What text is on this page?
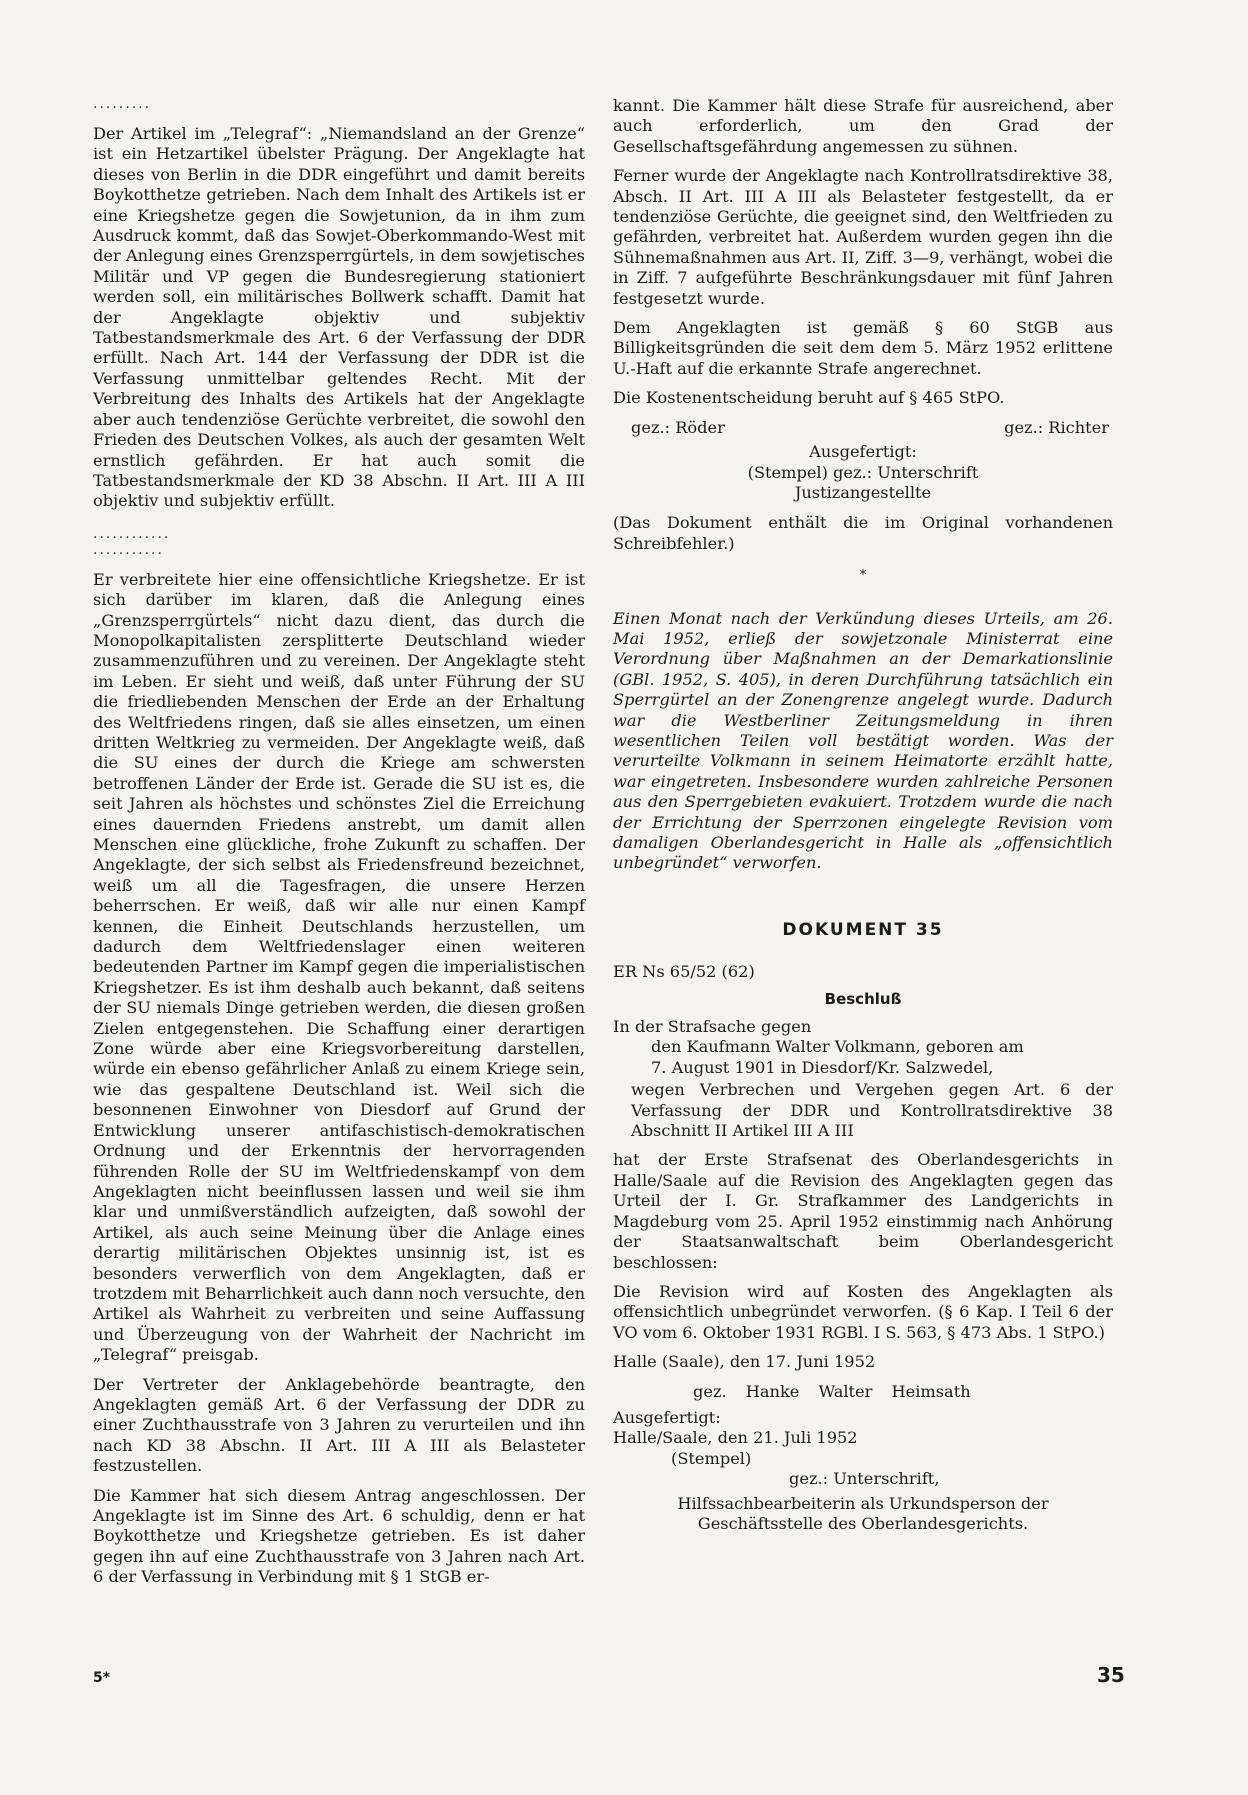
.........

Der Artikel im „Telegraf“: „Niemandsland an der Grenze“ ist ein Hetzartikel übelster Prägung. Der Angeklagte hat dieses von Berlin in die DDR eingeführt und damit bereits Boykotthetze getrieben. Nach dem Inhalt des Artikels ist er eine Kriegshetze gegen die Sowjetunion, da in ihm zum Ausdruck kommt, daß das Sowjet-Oberkommando-West mit der Anlegung eines Grenzsperrgürtels, in dem sowjetisches Militär und VP gegen die Bundesregierung stationiert werden soll, ein militärisches Bollwerk schafft. Damit hat der Angeklagte objektiv und subjektiv Tatbestandsmerkmale des Art. 6 der Verfassung der DDR erfüllt. Nach Art. 144 der Verfassung der DDR ist die Verfassung unmittelbar geltendes Recht. Mit der Verbreitung des Inhalts des Artikels hat der Angeklagte aber auch tendenziöse Gerüchte verbreitet, die sowohl den Frieden des Deutschen Volkes, als auch der gesamten Welt ernstlich gefährden. Er hat auch somit die Tatbestandsmerkmale der KD 38 Abschn. II Art. III A III objektiv und subjektiv erfüllt.

............
...........

Er verbreitete hier eine offensichtliche Kriegshetze. Er ist sich darüber im klaren, daß die Anlegung eines „Grenzsperrgürtels“ nicht dazu dient, das durch die Monopolkapitalisten zersplitterte Deutschland wieder zusammenzuführen und zu vereinen. Der Angeklagte steht im Leben. Er sieht und weiß, daß unter Führung der SU die friedliebenden Menschen der Erde an der Erhaltung des Weltfriedens ringen, daß sie alles einsetzen, um einen dritten Weltkrieg zu vermeiden. Der Angeklagte weiß, daß die SU eines der durch die Kriege am schwersten betroffenen Länder der Erde ist. Gerade die SU ist es, die seit Jahren als höchstes und schönstes Ziel die Erreichung eines dauernden Friedens anstrebt, um damit allen Menschen eine glückliche, frohe Zukunft zu schaffen. Der Angeklagte, der sich selbst als Friedensfreund bezeichnet, weiß um all die Tagesfragen, die unsere Herzen beherrschen. Er weiß, daß wir alle nur einen Kampf kennen, die Einheit Deutschlands herzustellen, um dadurch dem Weltfriedenslager einen weiteren bedeutenden Partner im Kampf gegen die imperialistischen Kriegshetzer. Es ist ihm deshalb auch bekannt, daß seitens der SU niemals Dinge getrieben werden, die diesen großen Zielen entgegenstehen. Die Schaffung einer derartigen Zone würde aber eine Kriegsvorbereitung darstellen, würde ein ebenso gefährlicher Anlaß zu einem Kriege sein, wie das gespaltene Deutschland ist. Weil sich die besonnenen Einwohner von Diesdorf auf Grund der Entwicklung unserer antifaschistisch-demokratischen Ordnung und der Erkenntnis der hervorragenden führenden Rolle der SU im Weltfriedenskampf von dem Angeklagten nicht beeinflussen lassen und weil sie ihm klar und unmißverständlich aufzeigten, daß sowohl der Artikel, als auch seine Meinung über die Anlage eines derartig militärischen Objektes unsinnig ist, ist es besonders verwerflich von dem Angeklagten, daß er trotzdem mit Beharrlichkeit auch dann noch versuchte, den Artikel als Wahrheit zu verbreiten und seine Auffassung und Überzeugung von der Wahrheit der Nachricht im „Telegraf“ preisgab.

Der Vertreter der Anklagebehörde beantragte, den Angeklagten gemäß Art. 6 der Verfassung der DDR zu einer Zuchthausstrafe von 3 Jahren zu verurteilen und ihn nach KD 38 Abschn. II Art. III A III als Belasteter festzustellen.

Die Kammer hat sich diesem Antrag angeschlossen. Der Angeklagte ist im Sinne des Art. 6 schuldig, denn er hat Boykotthetze und Kriegshetze getrieben. Es ist daher gegen ihn auf eine Zuchthausstrafe von 3 Jahren nach Art. 6 der Verfassung in Verbindung mit § 1 StGB er-

kannt. Die Kammer hält diese Strafe für ausreichend, aber auch erforderlich, um den Grad der Gesellschaftsgefährdung angemessen zu sühnen.

Ferner wurde der Angeklagte nach Kontrollratsdirektive 38, Absch. II Art. III A III als Belasteter festgestellt, da er tendenziöse Gerüchte, die geeignet sind, den Weltfrieden zu gefährden, verbreitet hat. Außerdem wurden gegen ihn die Sühnemaßnahmen aus Art. II, Ziff. 3—9, verhängt, wobei die in Ziff. 7 aufgeführte Beschränkungsdauer mit fünf Jahren festgesetzt wurde.

Dem Angeklagten ist gemäß § 60 StGB aus Billigkeitsgründen die seit dem dem 5. März 1952 erlittene U.-Haft auf die erkannte Strafe angerechnet.

Die Kostenentscheidung beruht auf § 465 StPO.

gez.: Röder	gez.: Richter
Ausgefertigt:
(Stempel) gez.: Unterschrift
Justizangestellte

(Das Dokument enthält die im Original vorhandenen Schreibfehler.)

*

Einen Monat nach der Verkündung dieses Urteils, am 26. Mai 1952, erließ der sowjetzonale Ministerrat eine Verordnung über Maßnahmen an der Demarkationslinie (GBl. 1952, S. 405), in deren Durchführung tatsächlich ein Sperrgürtel an der Zonengrenze angelegt wurde. Dadurch war die Westberliner Zeitungsmeldung in ihren wesentlichen Teilen voll bestätigt worden. Was der verurteilte Volkmann in seinem Heimatorte erzählt hatte, war eingetreten. Insbesondere wurden zahlreiche Personen aus den Sperrgebieten evakuiert. Trotzdem wurde die nach der Errichtung der Sperrzonen eingelegte Revision vom damaligen Oberlandesgericht in Halle als „offensichtlich unbegründet“ verworfen.

DOKUMENT 35
ER Ns 65/52 (62)
Beschluß
In der Strafsache gegen
den Kaufmann Walter Volkmann, geboren am
7. August 1901 in Diesdorf/Kr. Salzwedel,

wegen Verbrechen und Vergehen gegen Art. 6 der Verfassung der DDR und Kontrollratsdirektive 38 Abschnitt II Artikel III A III

hat der Erste Strafsenat des Oberlandesgerichts in Halle/Saale auf die Revision des Angeklagten gegen das Urteil der I. Gr. Strafkammer des Landgerichts in Magdeburg vom 25. April 1952 einstimmig nach Anhörung der Staatsanwaltschaft beim Oberlandesgericht beschlossen:

Die Revision wird auf Kosten des Angeklagten als offensichtlich unbegründet verworfen. (§ 6 Kap. I Teil 6 der VO vom 6. Oktober 1931 RGBl. I S. 563, § 473 Abs. 1 StPO.)

Halle (Saale), den 17. Juni 1952

gez. Hanke Walter Heimsath
Ausgefertigt:
Halle/Saale, den 21. Juli 1952
(Stempel)
gez.: Unterschrift,
Hilfssachbearbeiterin als Urkundsperson der Geschäftsstelle des Oberlandesgerichts.
5*	35
